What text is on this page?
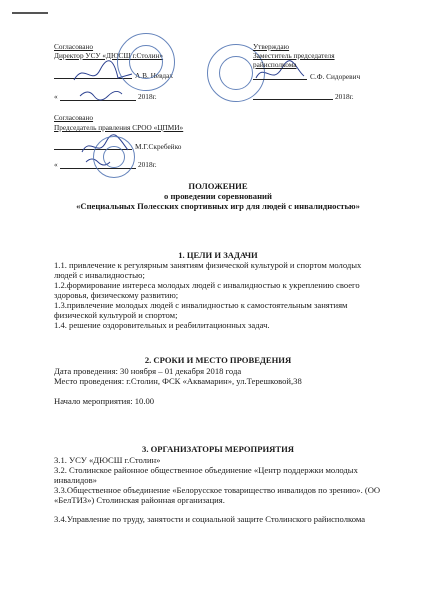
Согласовано
Директор УСУ «ДЮСШ г.Столин»
А.В. Невдах
«	2018г.
Согласовано
Председатель правления СРОО «ЦПМИ»
М.Г.Скребейко
«	2018г.
Утверждаю
Заместитель председателя
райисполкома
С.Ф. Сидоревич
2018г.
ПОЛОЖЕНИЕ
о проведении соревнований
«Специальных Полесских спортивных игр для людей с инвалидностью»
1. ЦЕЛИ И ЗАДАЧИ
1.1. привлечение к регулярным занятиям физической культурой и спортом молодых людей с инвалидностью;
1.2.формирование интереса молодых людей с инвалидностью к укреплению своего здоровья, физическому развитию;
1.3.привлечение молодых людей с инвалидностью к самостоятельным занятиям физической культурой и спортом;
1.4. решение оздоровительных и реабилитационных задач.
2. СРОКИ И МЕСТО ПРОВЕДЕНИЯ
Дата проведения: 30 ноября – 01 декабря 2018 года
Место проведения: г.Столин, ФСК «Аквамарин», ул.Терешковой,38
Начало мероприятия: 10.00
3. ОРГАНИЗАТОРЫ МЕРОПРИЯТИЯ
3.1. УСУ «ДЮСШ г.Столин»
3.2. Столинское районное общественное объединение «Центр поддержки молодых инвалидов»
3.3.Общественное объединение «Белорусское товарищество инвалидов по зрению». (ОО «БелТИЗ») Столинская районная организация.
3.4.Управление по труду, занятости и социальной защите Столинского райисполкома
